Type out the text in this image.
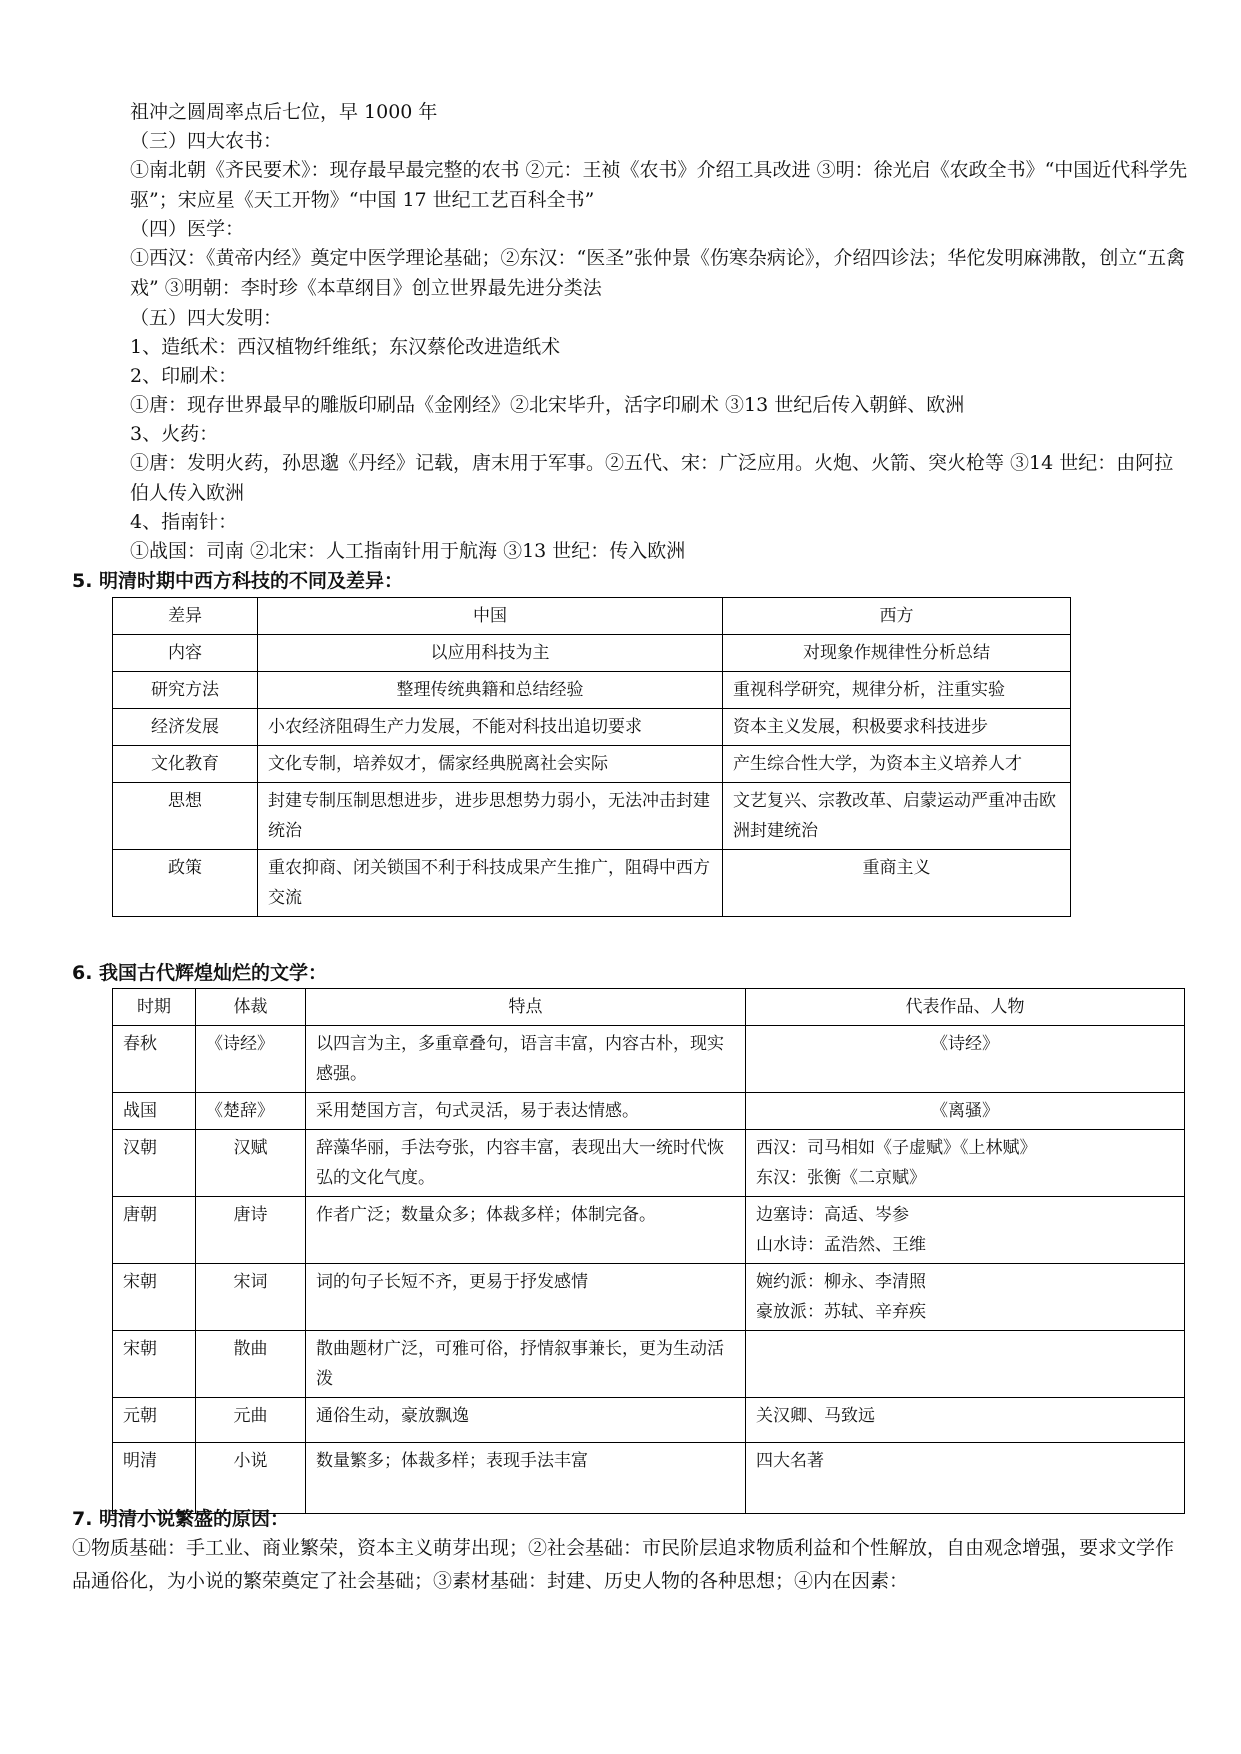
祖冲之圆周率点后七位，早 1000 年
（三）四大农书：
①南北朝《齐民要术》：现存最早最完整的农书 ②元：王祯《农书》介绍工具改进 ③明：徐光启《农政全书》“中国近代科学先驱”；宋应星《天工开物》“中国 17 世纪工艺百科全书”
（四）医学：
①西汉：《黄帝内经》奠定中医学理论基础；②东汉：“医圣”张仲景《伤寒杂病论》，介绍四诊法；华佗发明麻沸散，创立“五禽戏” ③明朝：李时珍《本草纲目》创立世界最先进分类法
（五）四大发明：
1、造纸术：西汉植物纤维纸；东汉蔡伦改进造纸术
2、印刷术：
①唐：现存世界最早的雕版印刷品《金刚经》②北宋毕升，活字印刷术 ③13 世纪后传入朝鲜、欧洲
3、火药：
①唐：发明火药，孙思邈《丹经》记载，唐末用于军事。②五代、宋：广泛应用。火炮、火箭、突火枪等 ③14 世纪：由阿拉伯人传入欧洲
4、指南针：
①战国：司南 ②北宋：人工指南针用于航海 ③13 世纪：传入欧洲
5. 明清时期中西方科技的不同及差异：
差异	中国	西方
内容	以应用科技为主	对现象作规律性分析总结
研究方法	整理传统典籍和总结经验	重视科学研究，规律分析，注重实验
经济发展	小农经济阻碍生产力发展，不能对科技出追切要求	资本主义发展，积极要求科技进步
文化教育	文化专制，培养奴才，儒家经典脱离社会实际	产生综合性大学，为资本主义培养人才
思想	封建专制压制思想进步，进步思想势力弱小，无法冲击封建统治	文艺复兴、宗教改革、启蒙运动严重冲击欧洲封建统治
政策	重农抑商、闭关锁国不利于科技成果产生推广，阻碍中西方交流	重商主义
6. 我国古代辉煌灿烂的文学：
时期	体裁	特点	代表作品、人物
春秋	《诗经》	以四言为主，多重章叠句，语言丰富，内容古朴，现实感强。	《诗经》
战国	《楚辞》	采用楚国方言，句式灵活，易于表达情感。	《离骚》
汉朝	汉赋	辞藻华丽，手法夸张，内容丰富，表现出大一统时代恢弘的文化气度。	西汉：司马相如《子虚赋》《上林赋》
东汉：张衡《二京赋》
唐朝	唐诗	作者广泛；数量众多；体裁多样；体制完备。	边塞诗：高适、岑参
山水诗：孟浩然、王维
宋朝	宋词	词的句子长短不齐，更易于抒发感情	婉约派：柳永、李清照
豪放派：苏轼、辛弃疾
宋朝	散曲	散曲题材广泛，可雅可俗，抒情叙事兼长，更为生动活泼	
元朝	元曲	通俗生动，豪放飘逸	关汉卿、马致远
明清	小说	数量繁多；体裁多样；表现手法丰富	四大名著
7. 明清小说繁盛的原因：
①物质基础：手工业、商业繁荣，资本主义萌芽出现；②社会基础：市民阶层追求物质利益和个性解放，自由观念增强，要求文学作品通俗化，为小说的繁荣奠定了社会基础；③素材基础：封建、历史人物的各种思想；④内在因素：
